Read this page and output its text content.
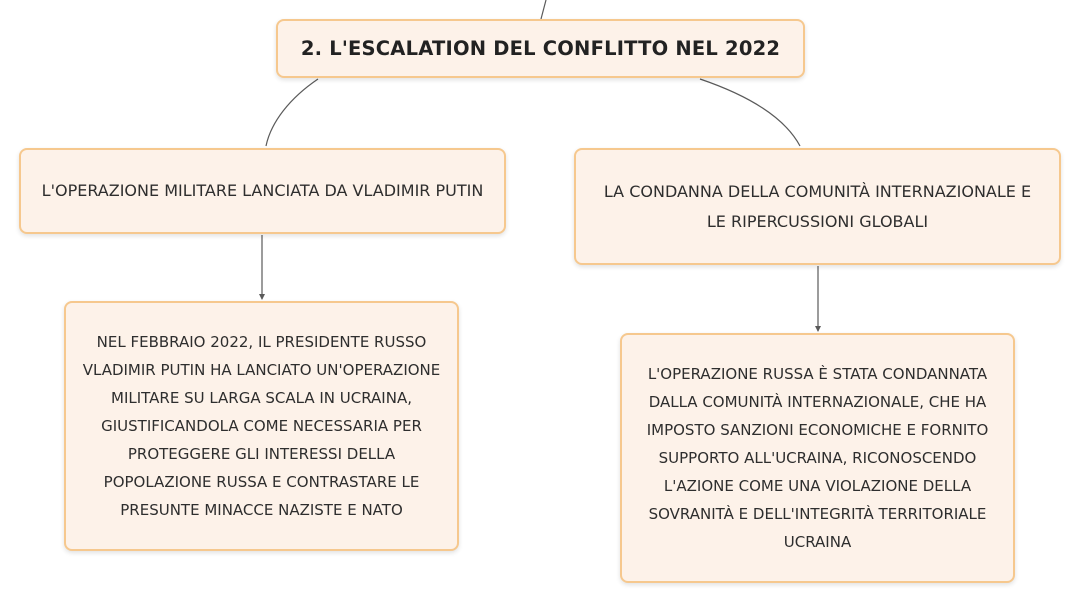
2. L'ESCALATION DEL CONFLITTO NEL 2022
L'OPERAZIONE MILITARE LANCIATA DA VLADIMIR PUTIN	LA CONDANNA DELLA COMUNITÀ INTERNAZIONALE E LE RIPERCUSSIONI GLOBALI
NEL FEBBRAIO 2022, IL PRESIDENTE RUSSO VLADIMIR PUTIN HA LANCIATO UN'OPERAZIONE MILITARE SU LARGA SCALA IN UCRAINA, GIUSTIFICANDOLA COME NECESSARIA PER PROTEGGERE GLI INTERESSI DELLA POPOLAZIONE RUSSA E CONTRASTARE LE PRESUNTE MINACCE NAZISTE E NATO
L'OPERAZIONE RUSSA È STATA CONDANNATA DALLA COMUNITÀ INTERNAZIONALE, CHE HA IMPOSTO SANZIONI ECONOMICHE E FORNITO SUPPORTO ALL'UCRAINA, RICONOSCENDO L'AZIONE COME UNA VIOLAZIONE DELLA SOVRANITÀ E DELL'INTEGRITÀ TERRITORIALE UCRAINA
